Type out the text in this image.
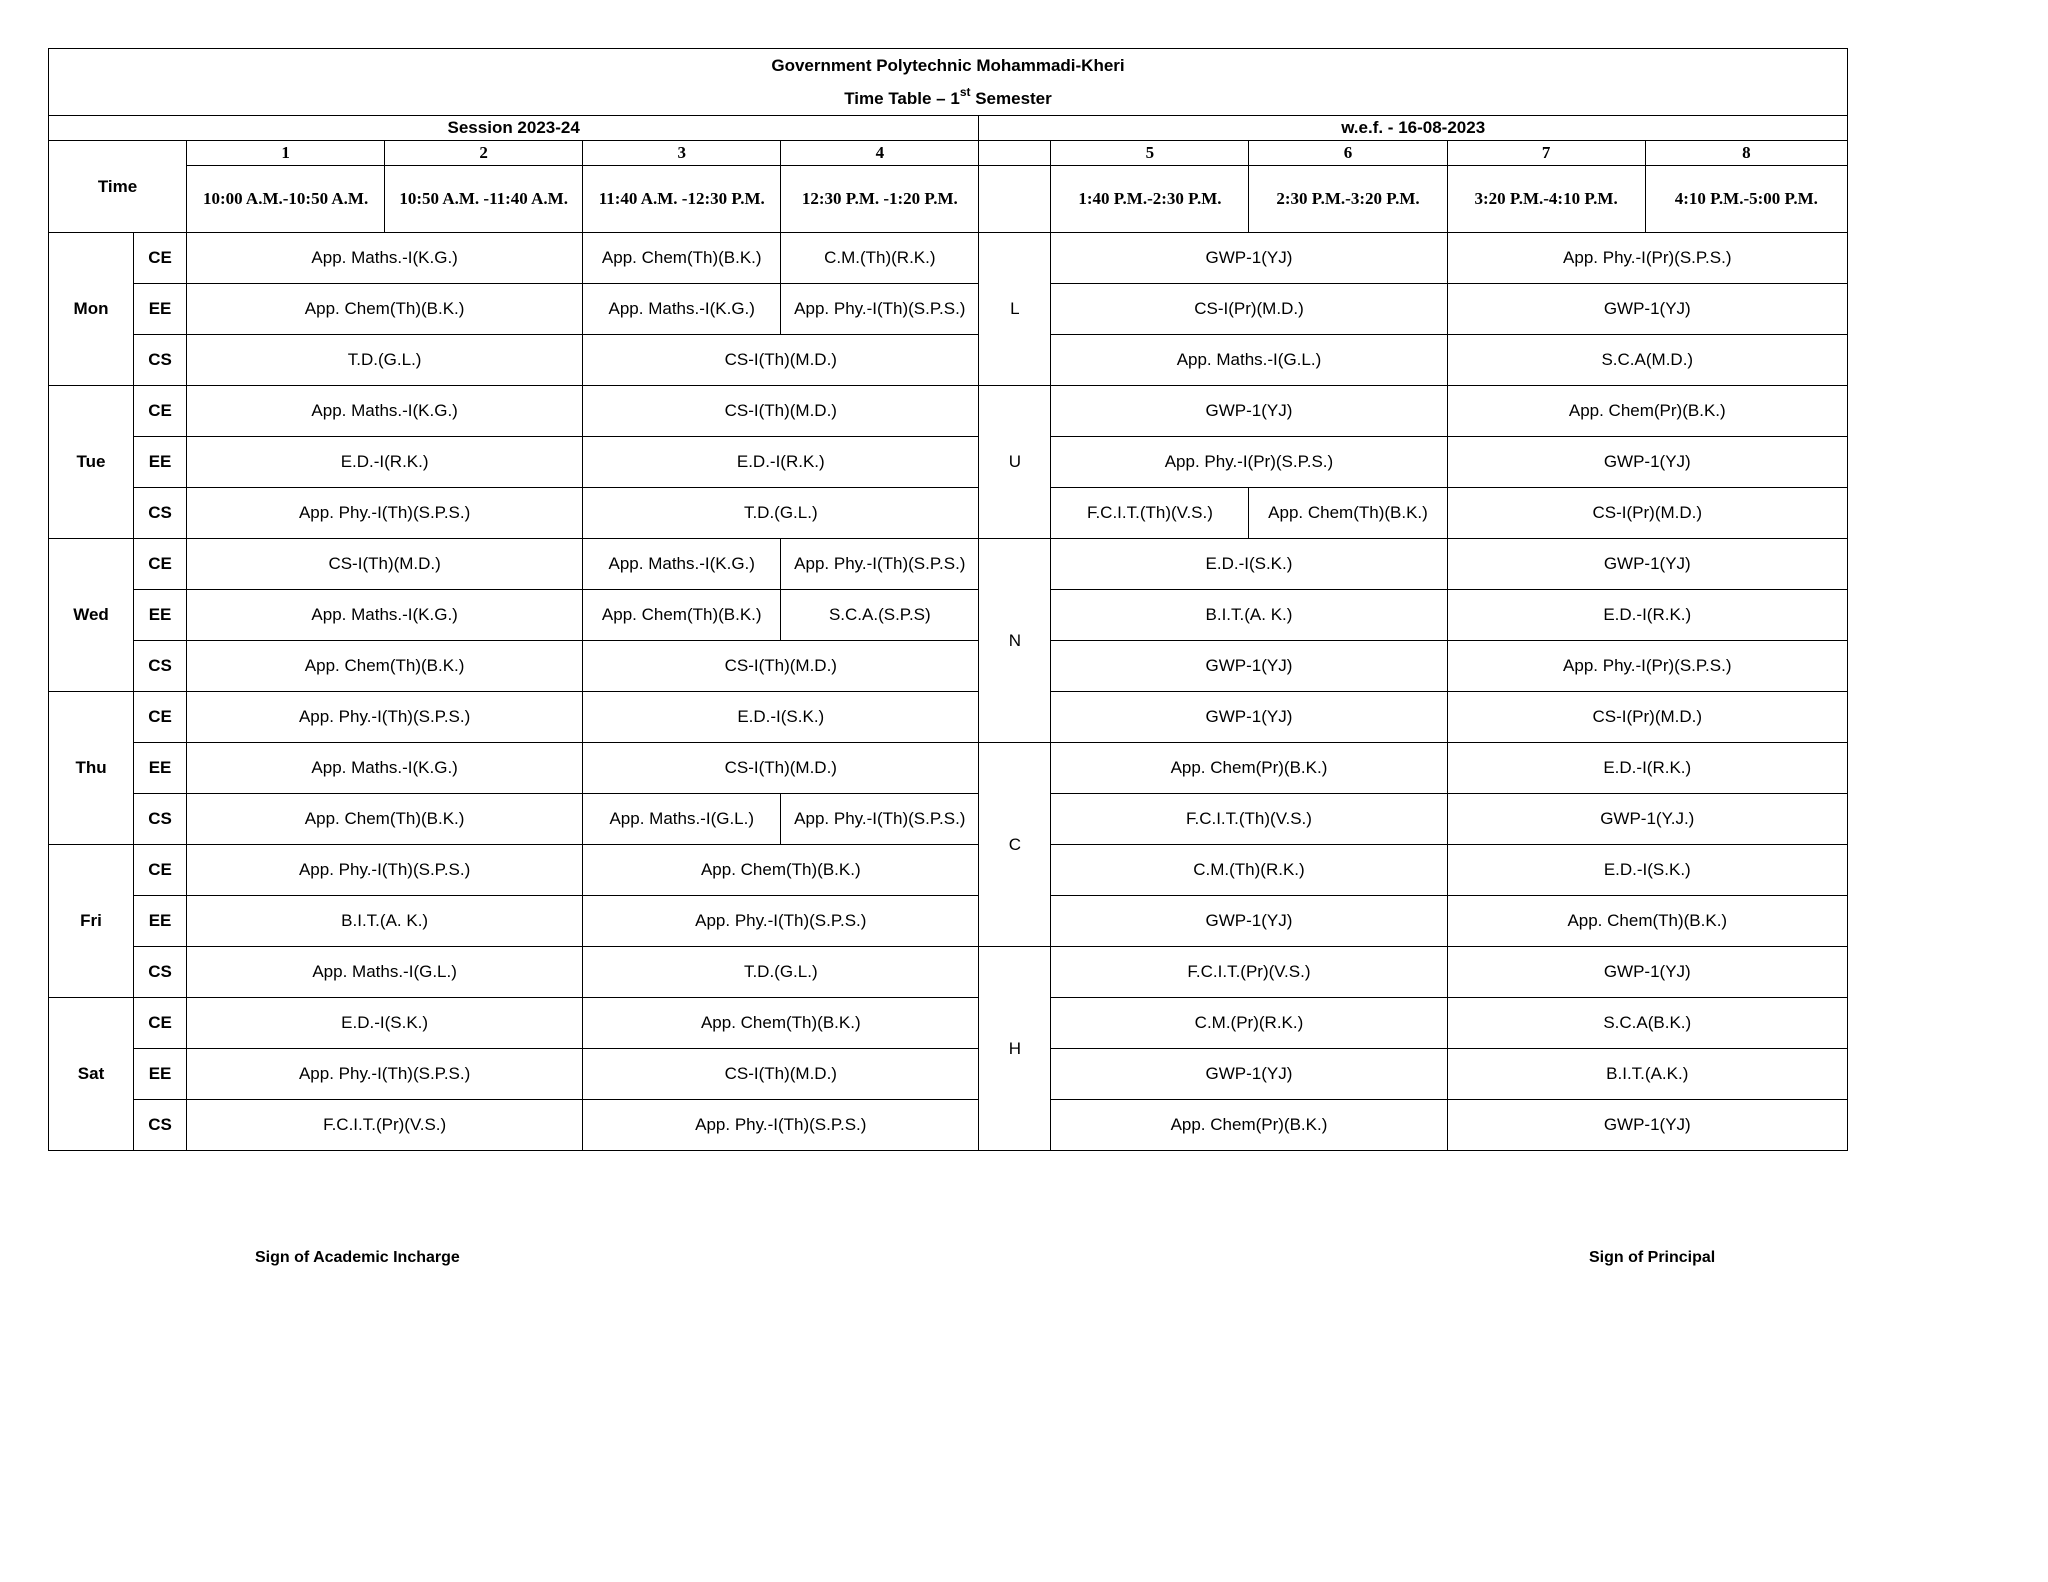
Government Polytechnic Mohammadi-Kheri
Time Table – 1st Semester										

Session 2023-24						w.e.f. - 16-08-2023				
Time		1	2	3	4		5	6	7	8
		10:00 A.M.-10:50 A.M.	10:50 A.M. -11:40 A.M.	11:40 A.M. -12:30 P.M.	12:30 P.M. -1:20 P.M.		1:40 P.M.-2:30 P.M.	2:30 P.M.-3:20 P.M.	3:20 P.M.-4:10 P.M.	4:10 P.M.-5:00 P.M.
Mon	CE	App. Maths.-I(K.G.)		App. Chem(Th)(B.K.)	C.M.(Th)(R.K.)	L	GWP-1(YJ)		App. Phy.-I(Pr)(S.P.S.)	
	EE	App. Chem(Th)(B.K.)		App. Maths.-I(K.G.)	App. Phy.-I(Th)(S.P.S.)		CS-I(Pr)(M.D.)		GWP-1(YJ)	
	CS	T.D.(G.L.)		CS-I(Th)(M.D.)			App. Maths.-I(G.L.)		S.C.A(M.D.)	
Tue	CE	App. Maths.-I(K.G.)		CS-I(Th)(M.D.)		U	GWP-1(YJ)		App. Chem(Pr)(B.K.)	
	EE	E.D.-I(R.K.)		E.D.-I(R.K.)			App. Phy.-I(Pr)(S.P.S.)		GWP-1(YJ)	
	CS	App. Phy.-I(Th)(S.P.S.)		T.D.(G.L.)			F.C.I.T.(Th)(V.S.)	App. Chem(Th)(B.K.)	CS-I(Pr)(M.D.)	
Wed	CE	CS-I(Th)(M.D.)		App. Maths.-I(K.G.)	App. Phy.-I(Th)(S.P.S.)	N	E.D.-I(S.K.)		GWP-1(YJ)	
	EE	App. Maths.-I(K.G.)		App. Chem(Th)(B.K.)	S.C.A.(S.P.S)		B.I.T.(A. K.)		E.D.-I(R.K.)	
	CS	App. Chem(Th)(B.K.)		CS-I(Th)(M.D.)			GWP-1(YJ)		App. Phy.-I(Pr)(S.P.S.)	
Thu	CE	App. Phy.-I(Th)(S.P.S.)		E.D.-I(S.K.)			GWP-1(YJ)		CS-I(Pr)(M.D.)	
	EE	App. Maths.-I(K.G.)		CS-I(Th)(M.D.)		C	App. Chem(Pr)(B.K.)		E.D.-I(R.K.)	
	CS	App. Chem(Th)(B.K.)		App. Maths.-I(G.L.)	App. Phy.-I(Th)(S.P.S.)		F.C.I.T.(Th)(V.S.)		GWP-1(Y.J.)	
Fri	CE	App. Phy.-I(Th)(S.P.S.)		App. Chem(Th)(B.K.)			C.M.(Th)(R.K.)		E.D.-I(S.K.)	
	EE	B.I.T.(A. K.)		App. Phy.-I(Th)(S.P.S.)			GWP-1(YJ)		App. Chem(Th)(B.K.)	
	CS	App. Maths.-I(G.L.)		T.D.(G.L.)		H	F.C.I.T.(Pr)(V.S.)		GWP-1(YJ)	
Sat	CE	E.D.-I(S.K.)		App. Chem(Th)(B.K.)			C.M.(Pr)(R.K.)		S.C.A(B.K.)	
	EE	App. Phy.-I(Th)(S.P.S.)		CS-I(Th)(M.D.)			GWP-1(YJ)		B.I.T.(A.K.)	
	CS	F.C.I.T.(Pr)(V.S.)		App. Phy.-I(Th)(S.P.S.)			App. Chem(Pr)(B.K.)		GWP-1(YJ)	
Sign of Academic Incharge	Sign of Principal
